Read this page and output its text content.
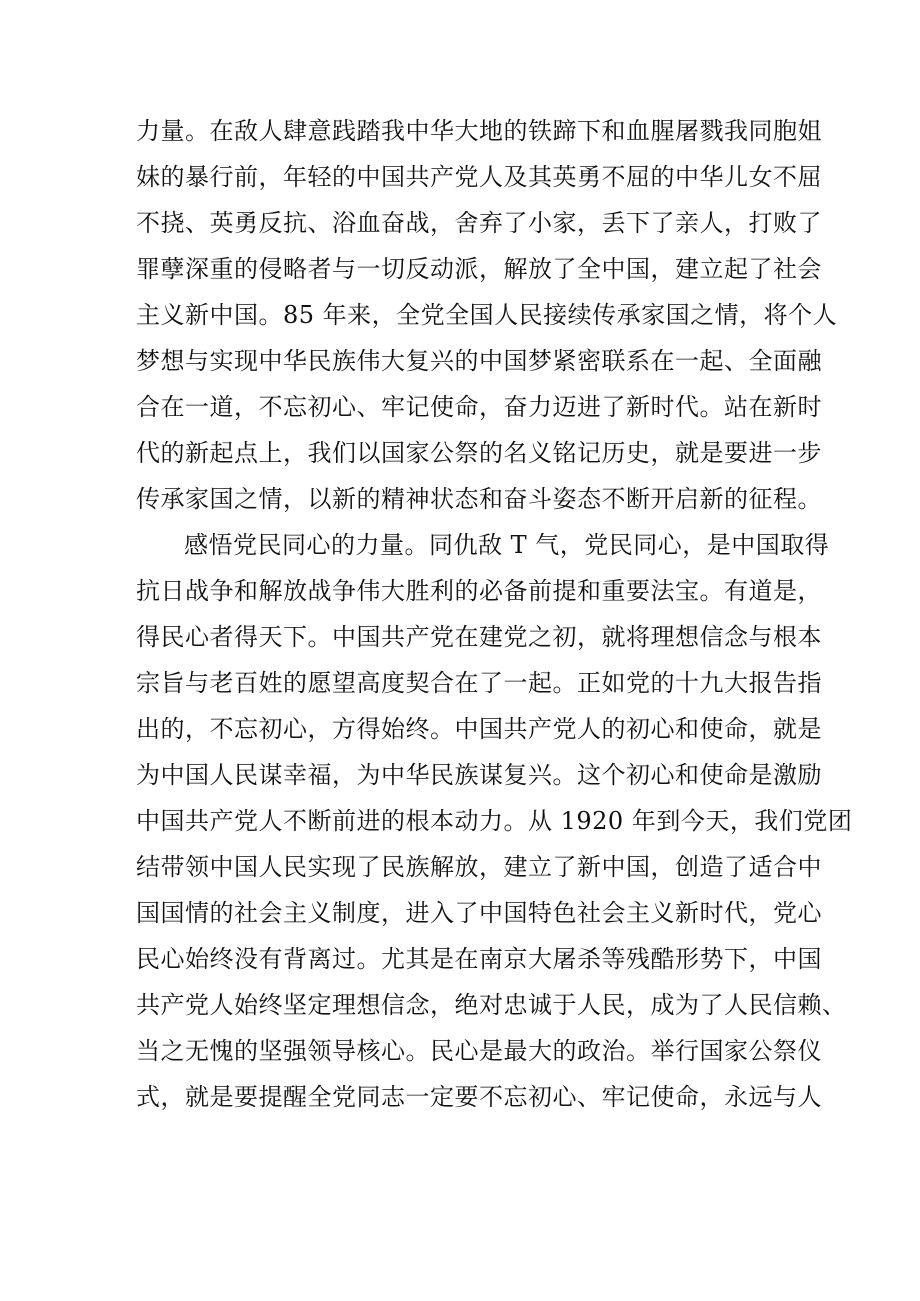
力量。在敌人肆意践踏我中华大地的铁蹄下和血腥屠戮我同胞姐
妹的暴行前，年轻的中国共产党人及其英勇不屈的中华儿女不屈
不挠、英勇反抗、浴血奋战，舍弃了小家，丢下了亲人，打败了
罪孽深重的侵略者与一切反动派，解放了全中国，建立起了社会
主义新中国。85 年来，全党全国人民接续传承家国之情，将个人
梦想与实现中华民族伟大复兴的中国梦紧密联系在一起、全面融
合在一道，不忘初心、牢记使命，奋力迈进了新时代。站在新时
代的新起点上，我们以国家公祭的名义铭记历史，就是要进一步
传承家国之情，以新的精神状态和奋斗姿态不断开启新的征程。
感悟党民同心的力量。同仇敌 T 气，党民同心，是中国取得
抗日战争和解放战争伟大胜利的必备前提和重要法宝。有道是，
得民心者得天下。中国共产党在建党之初，就将理想信念与根本
宗旨与老百姓的愿望高度契合在了一起。正如党的十九大报告指
出的，不忘初心，方得始终。中国共产党人的初心和使命，就是
为中国人民谋幸福，为中华民族谋复兴。这个初心和使命是激励
中国共产党人不断前进的根本动力。从 1920 年到今天，我们党团
结带领中国人民实现了民族解放，建立了新中国，创造了适合中
国国情的社会主义制度，进入了中国特色社会主义新时代，党心
民心始终没有背离过。尤其是在南京大屠杀等残酷形势下，中国
共产党人始终坚定理想信念，绝对忠诚于人民，成为了人民信赖、
当之无愧的坚强领导核心。民心是最大的政治。举行国家公祭仪
式，就是要提醒全党同志一定要不忘初心、牢记使命，永远与人
